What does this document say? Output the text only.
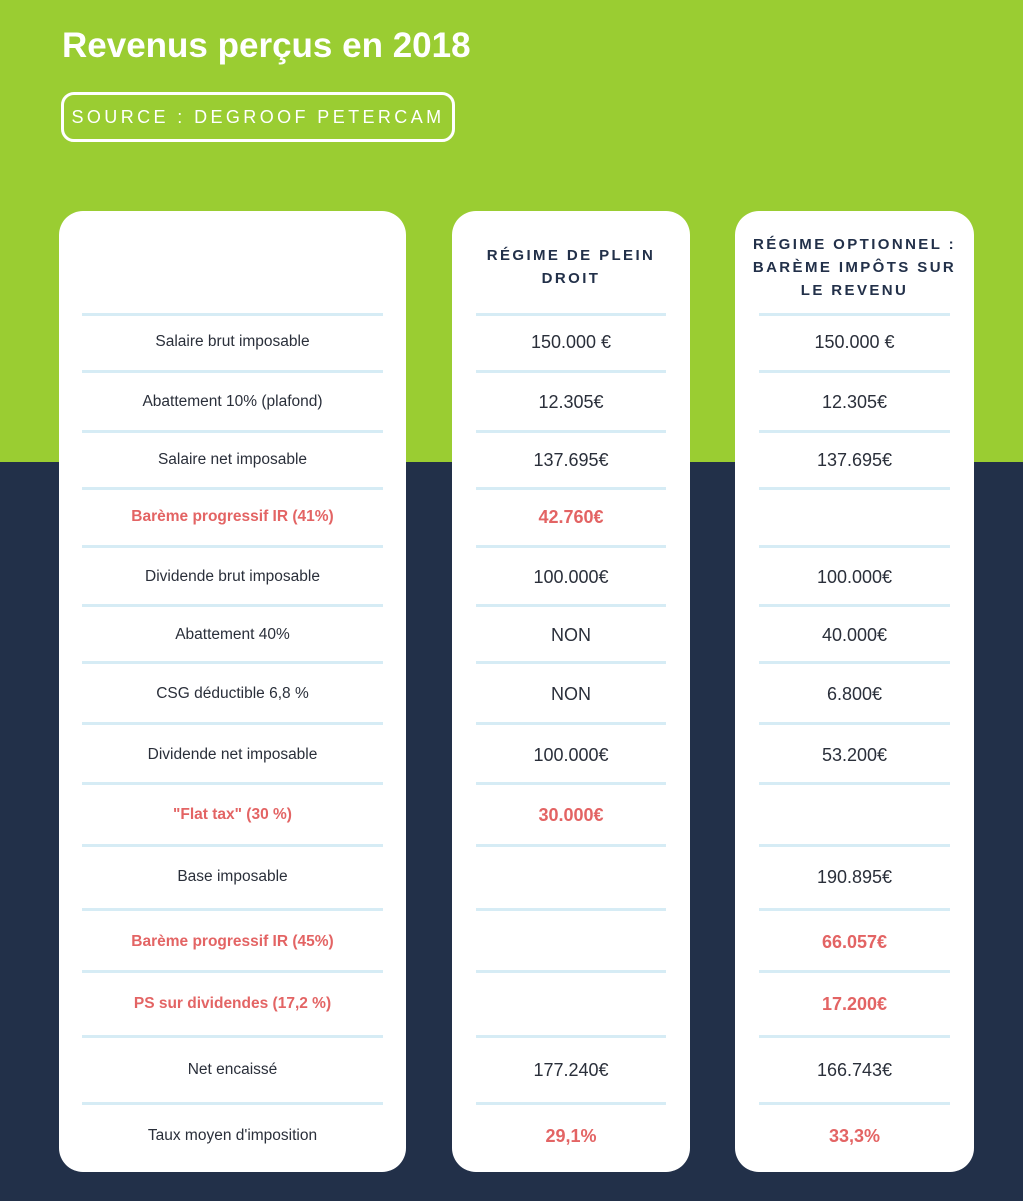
Revenus perçus en 2018
SOURCE : DEGROOF PETERCAM
Salaire brut imposable
Abattement 10% (plafond)
Salaire net imposable
Barème progressif IR (41%)
Dividende brut imposable
Abattement 40%
CSG déductible 6,8 %
Dividende net imposable
"Flat tax" (30 %)
Base imposable
Barème progressif IR (45%)
PS sur dividendes (17,2 %)
Net encaissé
Taux moyen d'imposition
RÉGIME DE PLEIN DROIT
150.000 €
12.305€
137.695€
42.760€
100.000€
NON
NON
100.000€
30.000€
177.240€
29,1%
RÉGIME OPTIONNEL : BARÈME IMPÔTS SUR LE REVENU
150.000 €
12.305€
137.695€
100.000€
40.000€
6.800€
53.200€
190.895€
66.057€
17.200€
166.743€
33,3%
